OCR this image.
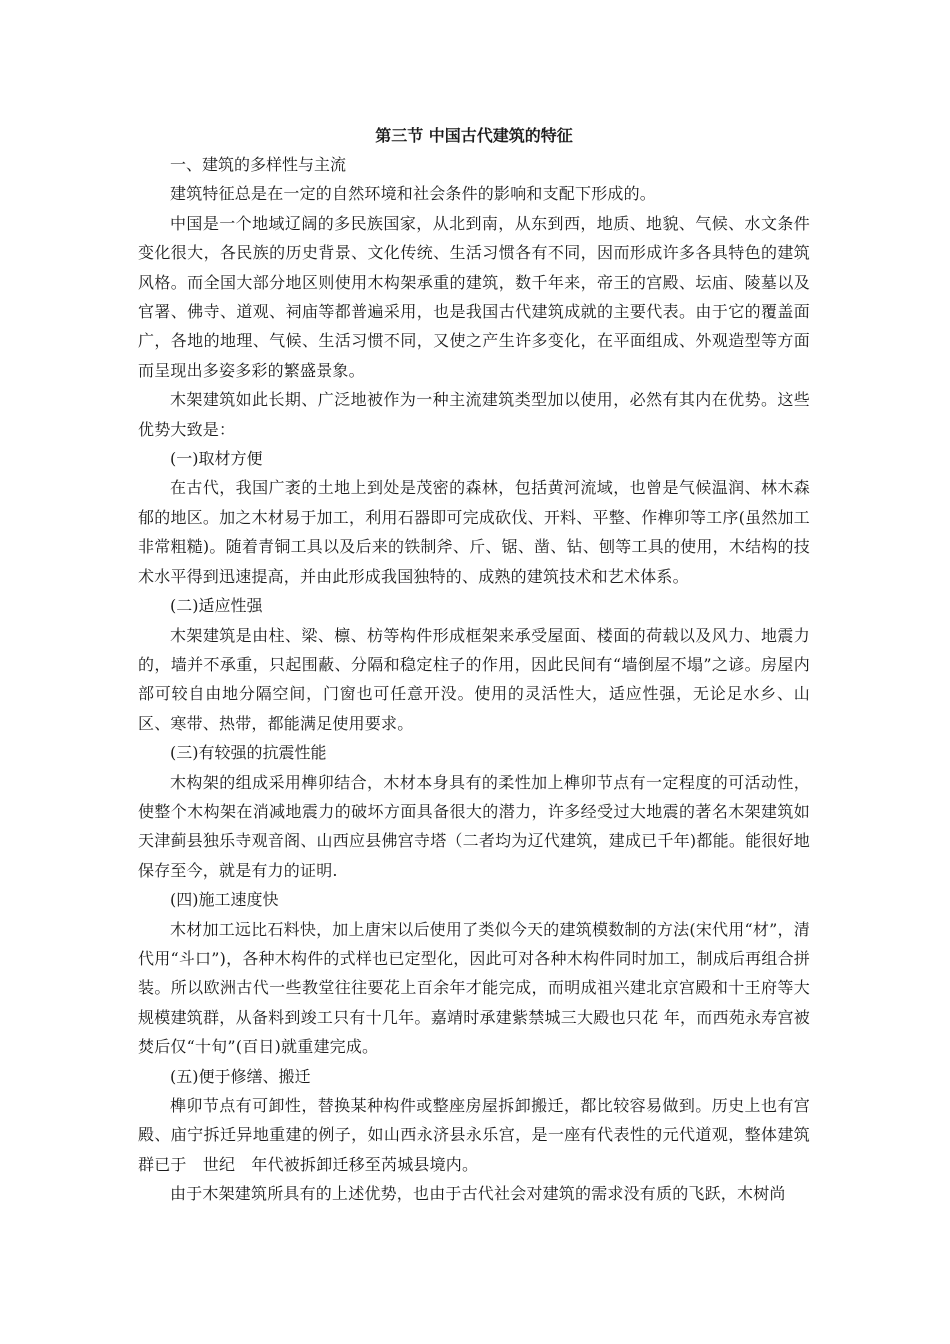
第三节 中国古代建筑的特征

一、建筑的多样性与主流

建筑特征总是在一定的自然环境和社会条件的影响和支配下形成的。

中国是一个地域辽阔的多民族国家，从北到南，从东到西，地质、地貌、气候、水文条件变化很大，各民族的历史背景、文化传统、生活习惯各有不同，因而形成许多各具特色的建筑风格。而全国大部分地区则使用木构架承重的建筑，数千年来，帝王的宫殿、坛庙、陵墓以及官署、佛寺、道观、祠庙等都普遍采用，也是我国古代建筑成就的主要代表。由于它的覆盖面广，各地的地理、气候、生活习惯不同，又使之产生许多变化，在平面组成、外观造型等方面而呈现出多姿多彩的繁盛景象。

木架建筑如此长期、广泛地被作为一种主流建筑类型加以使用，必然有其内在优势。这些优势大致是：

(一)取材方便

在古代，我国广袤的土地上到处是茂密的森林，包括黄河流域，也曾是气候温润、林木森郁的地区。加之木材易于加工，利用石器即可完成砍伐、开料、平整、作榫卯等工序(虽然加工非常粗糙)。随着青铜工具以及后来的铁制斧、斤、锯、凿、钻、刨等工具的使用，木结构的技术水平得到迅速提高，并由此形成我国独特的、成熟的建筑技术和艺术体系。

(二)适应性强

木架建筑是由柱、梁、檩、枋等构件形成框架来承受屋面、楼面的荷载以及风力、地震力的，墙并不承重，只起围蔽、分隔和稳定柱子的作用，因此民间有“墙倒屋不塌”之谚。房屋内部可较自由地分隔空间，门窗也可任意开没。使用的灵活性大，适应性强，无论足水乡、山区、寒带、热带，都能满足使用要求。

(三)有较强的抗震性能

木构架的组成采用榫卯结合，木材本身具有的柔性加上榫卯节点有一定程度的可活动性，使整个木构架在消减地震力的破坏方面具备很大的潜力，许多经受过大地震的著名木架建筑如天津蓟县独乐寺观音阁、山西应县佛宫寺塔（二者均为辽代建筑，建成已千年)都能。能很好地保存至今，就是有力的证明.

(四)施工速度快

木材加工远比石料快，加上唐宋以后使用了类似今天的建筑模数制的方法(宋代用“材”，清代用“斗口”)，各种木构件的式样也已定型化，因此可对各种木构件同时加工，制成后再组合拼装。所以欧洲古代一些教堂往往要花上百余年才能完成，而明成祖兴建北京宫殿和十王府等大规模建筑群，从备料到竣工只有十几年。嘉靖时承建紫禁城三大殿也只花 年，而西苑永寿宫被焚后仅“十旬”(百日)就重建完成。

(五)便于修缮、搬迁

榫卯节点有可卸性，替换某种构件或整座房屋拆卸搬迁，都比较容易做到。历史上也有宫殿、庙宁拆迁异地重建的例子，如山西永济县永乐宫，是一座有代表性的元代道观，整体建筑群已于　世纪　年代被拆卸迁移至芮城县境内。

由于木架建筑所具有的上述优势，也由于古代社会对建筑的需求没有质的飞跃，木树尚
